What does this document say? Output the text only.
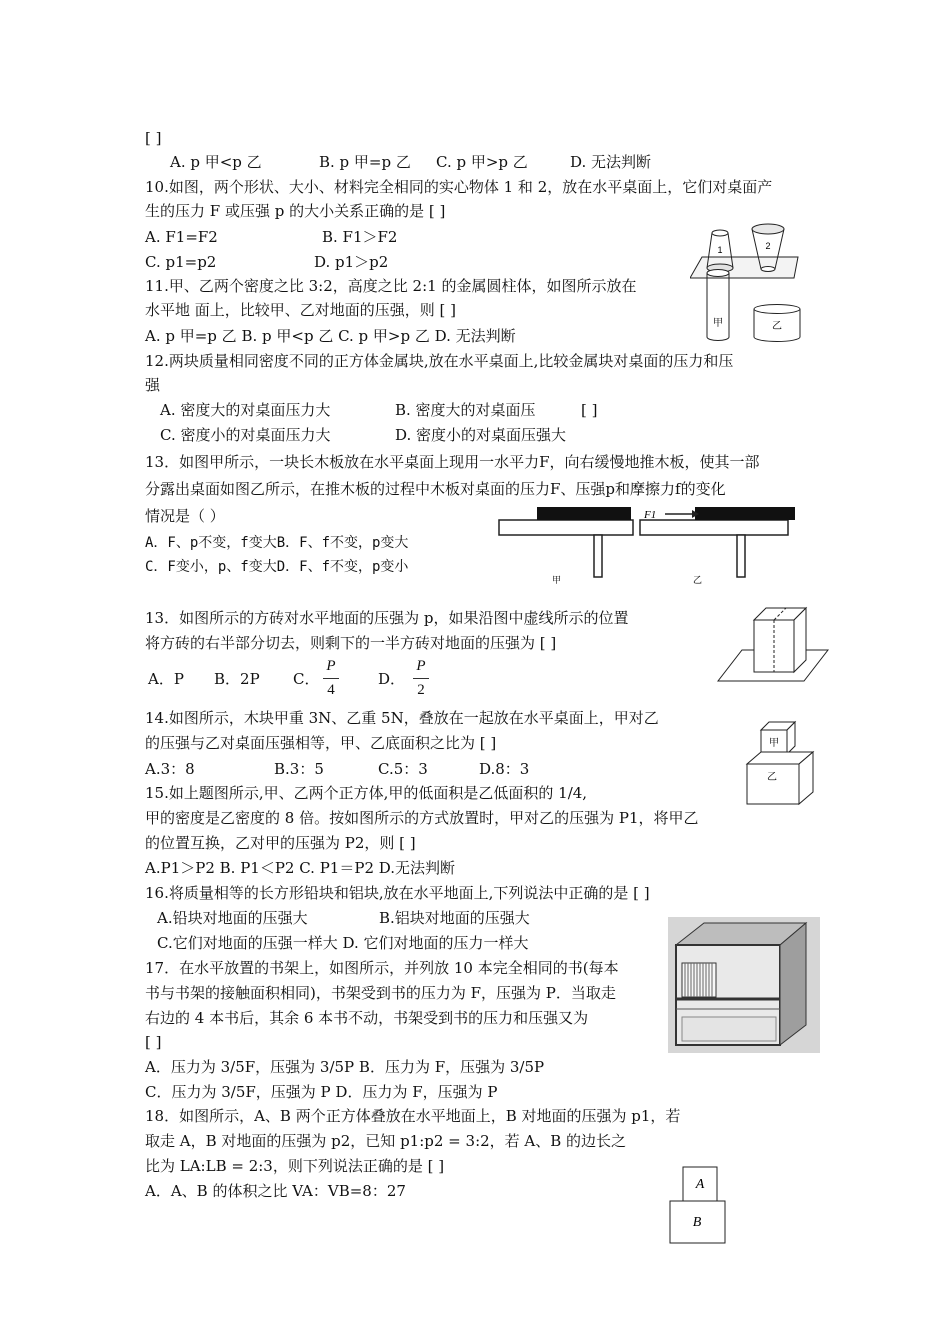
[ ]
A. p 甲<p 乙	B. p 甲=p 乙 C. p 甲>p 乙	D. 无法判断
10.如图，两个形状、大小、材料完全相同的实心物体 1 和 2，放在水平桌面上，它们对桌面产
生的压力 F 或压强 p 的大小关系正确的是 [ ]
A. F1=F2	B. F1＞F2
C. p1=p2	D. p1＞p2
1	2
11.甲、乙两个密度之比 3:2，高度之比 2:1 的金属圆柱体，如图所示放在
水平地 面上，比较甲、乙对地面的压强，则 [ ]
A. p 甲=p 乙 B. p 甲<p 乙 C. p 甲>p 乙 D. 无法判断
甲	乙
12.两块质量相同密度不同的正方体金属块,放在水平桌面上,比较金属块对桌面的压力和压
强
A. 密度大的对桌面压力大	B. 密度大的对桌面压	[ ]
C. 密度小的对桌面压力大	D. 密度小的对桌面压强大
13．如图甲所示，一块长木板放在水平桌面上现用一水平力F，向右缓慢地推木板，使其一部
分露出桌面如图乙所示，在推木板的过程中木板对桌面的压力F、压强p和摩擦力f的变化
情况是（ ）
A．F、p不变，f变大B．F、f不变，p变大
C．F变小，p、f变大D．F、f不变，p变小
F1
甲	乙
13．如图所示的方砖对水平地面的压强为 p，如果沿图中虚线所示的位置
将方砖的右半部分切去，则剩下的一半方砖对地面的压强为 [ ]
A．P B．2P C．
P
4
D．
P
2
14.如图所示，木块甲重 3N、乙重 5N，叠放在一起放在水平桌面上，甲对乙
的压强与乙对桌面压强相等，甲、乙底面积之比为 [ ]
A.3：8	B.3：5	C.5：3	D.8：3
甲
乙
15.如上题图所示,甲、乙两个正方体,甲的低面积是乙低面积的 1/4,
甲的密度是乙密度的 8 倍。按如图所示的方式放置时，甲对乙的压强为 P1，将甲乙
的位置互换，乙对甲的压强为 P2，则 [ ]
A.P1＞P2 B. P1＜P2 C. P1＝P2 D.无法判断
16.将质量相等的长方形铅块和铝块,放在水平地面上,下列说法中正确的是 [ ]
A.铅块对地面的压强大	B.铝块对地面的压强大
C.它们对地面的压强一样大 D. 它们对地面的压力一样大
17．在水平放置的书架上，如图所示，并列放 10 本完全相同的书(每本
书与书架的接触面积相同)，书架受到书的压力为 F，压强为 P．当取走
右边的 4 本书后，其余 6 本书不动，书架受到书的压力和压强又为
[ ]
A．压力为 3/5F，压强为 3/5P B．压力为 F，压强为 3/5P
C．压力为 3/5F，压强为 P D．压力为 F，压强为 P
18．如图所示，A、B 两个正方体叠放在水平地面上，B 对地面的压强为 p1，若
取走 A，B 对地面的压强为 p2，已知 p1:p2 = 3:2，若 A、B 的边长之
比为 LA:LB = 2:3，则下列说法正确的是 [ ]
A．A、B 的体积之比 VA：VB=8：27	A
B
